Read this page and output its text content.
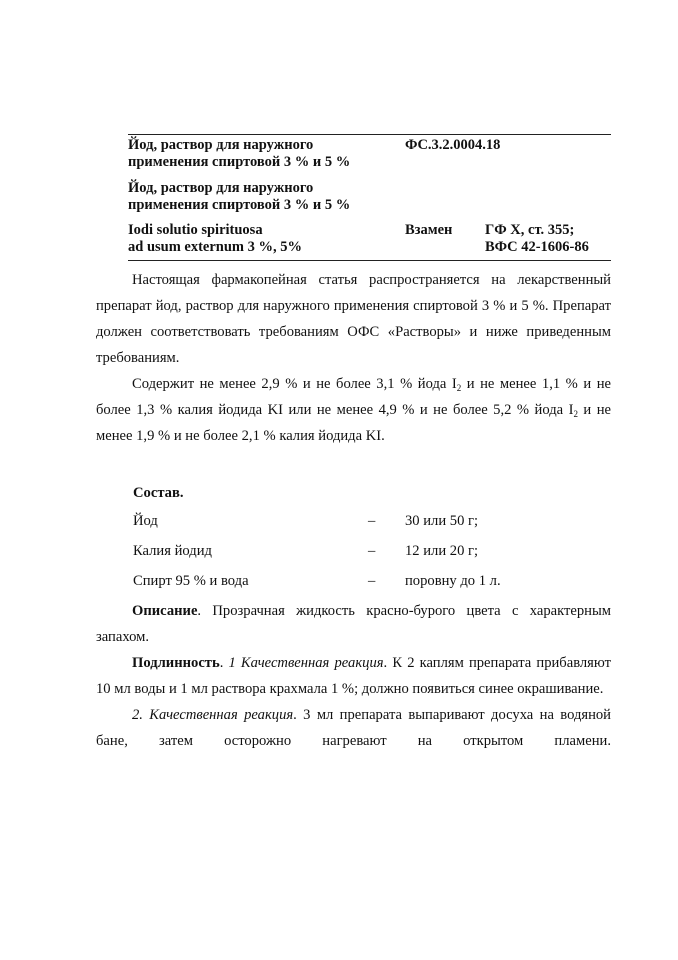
Йод, раствор для наружного
применения спиртовой 3 % и 5 %
ФС.3.2.0004.18
Йод, раствор для наружного
применения спиртовой 3 % и 5 %
Iodi solutio spirituosa
ad usum externum 3 %, 5%
Взамен ГФ Х, ст. 355;
ВФС 42-1606-86

Настоящая фармакопейная статья распространяется на лекарственный препарат йод, раствор для наружного применения спиртовой 3 % и 5 %. Препарат должен соответствовать требованиям ОФС «Растворы» и ниже приведенным требованиям.

Содержит не менее 2,9 % и не более 3,1 % йода $I_2$ и не менее 1,1 % и не более 1,3 % калия йодида KI или не менее 4,9 % и не более 5,2 % йода $I_2$ и не менее 1,9 % и не более 2,1 % калия йодида KI.

Состав.
Йод	– 30 или 50 г;
Калия йодид	– 12 или 20 г;
Спирт 95 % и вода	– поровну до 1 л.

Описание. Прозрачная жидкость красно-бурого цвета с характерным запахом.

Подлинность. 1 Качественная реакция. К 2 каплям препарата прибавляют 10 мл воды и 1 мл раствора крахмала 1 %; должно появиться синее окрашивание.

2. Качественная реакция. 3 мл препарата выпаривают досуха на водяной бане, затем осторожно нагревают на открытом пламени.
